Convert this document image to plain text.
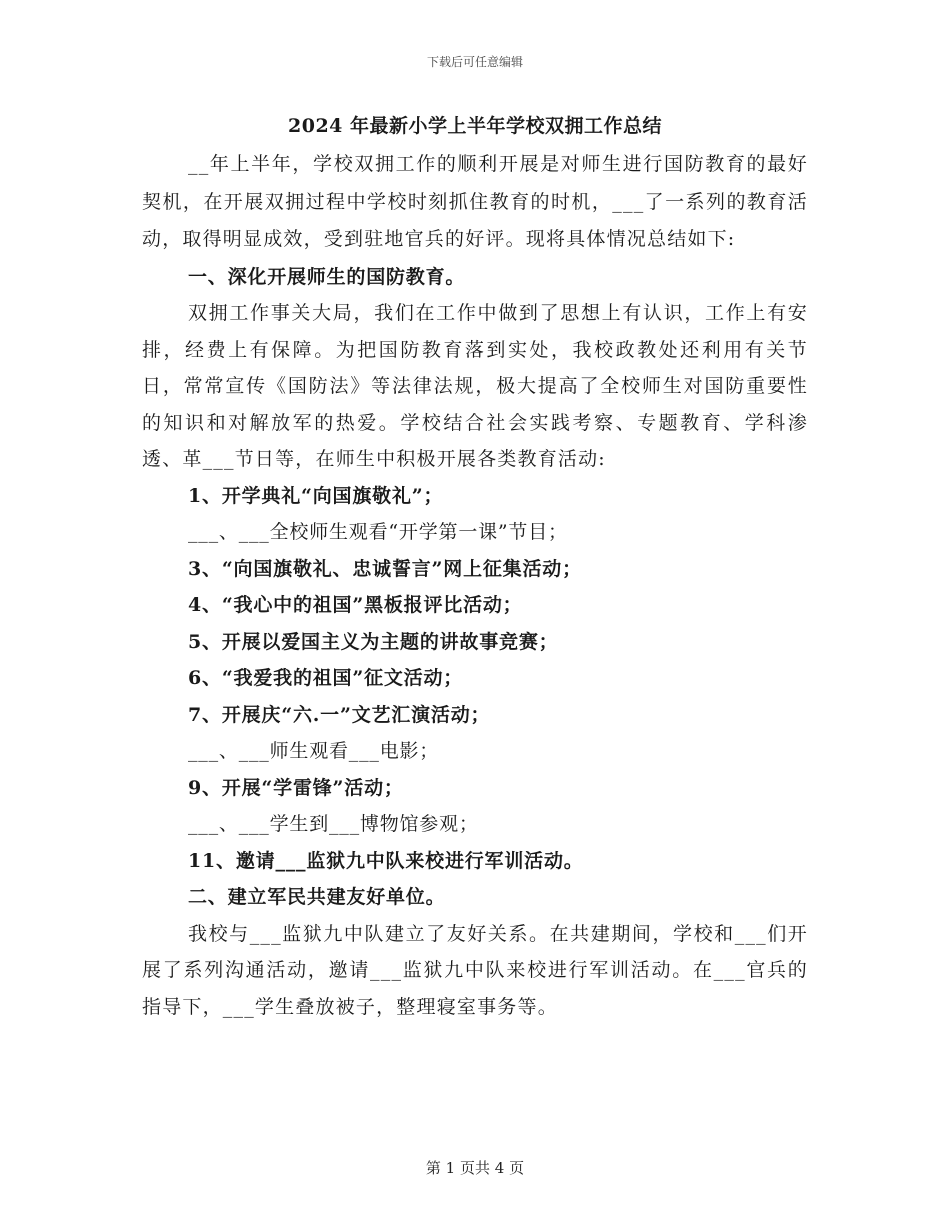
下载后可任意编辑
2024 年最新小学上半年学校双拥工作总结

__年上半年，学校双拥工作的顺利开展是对师生进行国防教育的最好契机，在开展双拥过程中学校时刻抓住教育的时机，___了一系列的教育活动，取得明显成效，受到驻地官兵的好评。现将具体情况总结如下:

一、深化开展师生的国防教育。

双拥工作事关大局，我们在工作中做到了思想上有认识，工作上有安排，经费上有保障。为把国防教育落到实处，我校政教处还利用有关节日，常常宣传《国防法》等法律法规，极大提高了全校师生对国防重要性的知识和对解放军的热爱。学校结合社会实践考察、专题教育、学科渗透、革___节日等，在师生中积极开展各类教育活动:

1、开学典礼“向国旗敬礼”；

___、___全校师生观看“开学第一课”节目；

3、“向国旗敬礼、忠诚誓言”网上征集活动；

4、“我心中的祖国”黑板报评比活动；

5、开展以爱国主义为主题的讲故事竞赛；

6、“我爱我的祖国”征文活动；

7、开展庆“六.一”文艺汇演活动；

___、___师生观看___电影；

9、开展“学雷锋”活动；

___、___学生到___博物馆参观；

11、邀请___监狱九中队来校进行军训活动。

二、建立军民共建友好单位。

我校与___监狱九中队建立了友好关系。在共建期间，学校和___们开展了系列沟通活动，邀请___监狱九中队来校进行军训活动。在___官兵的指导下，___学生叠放被子，整理寝室事务等。

第 1 页共 4 页
